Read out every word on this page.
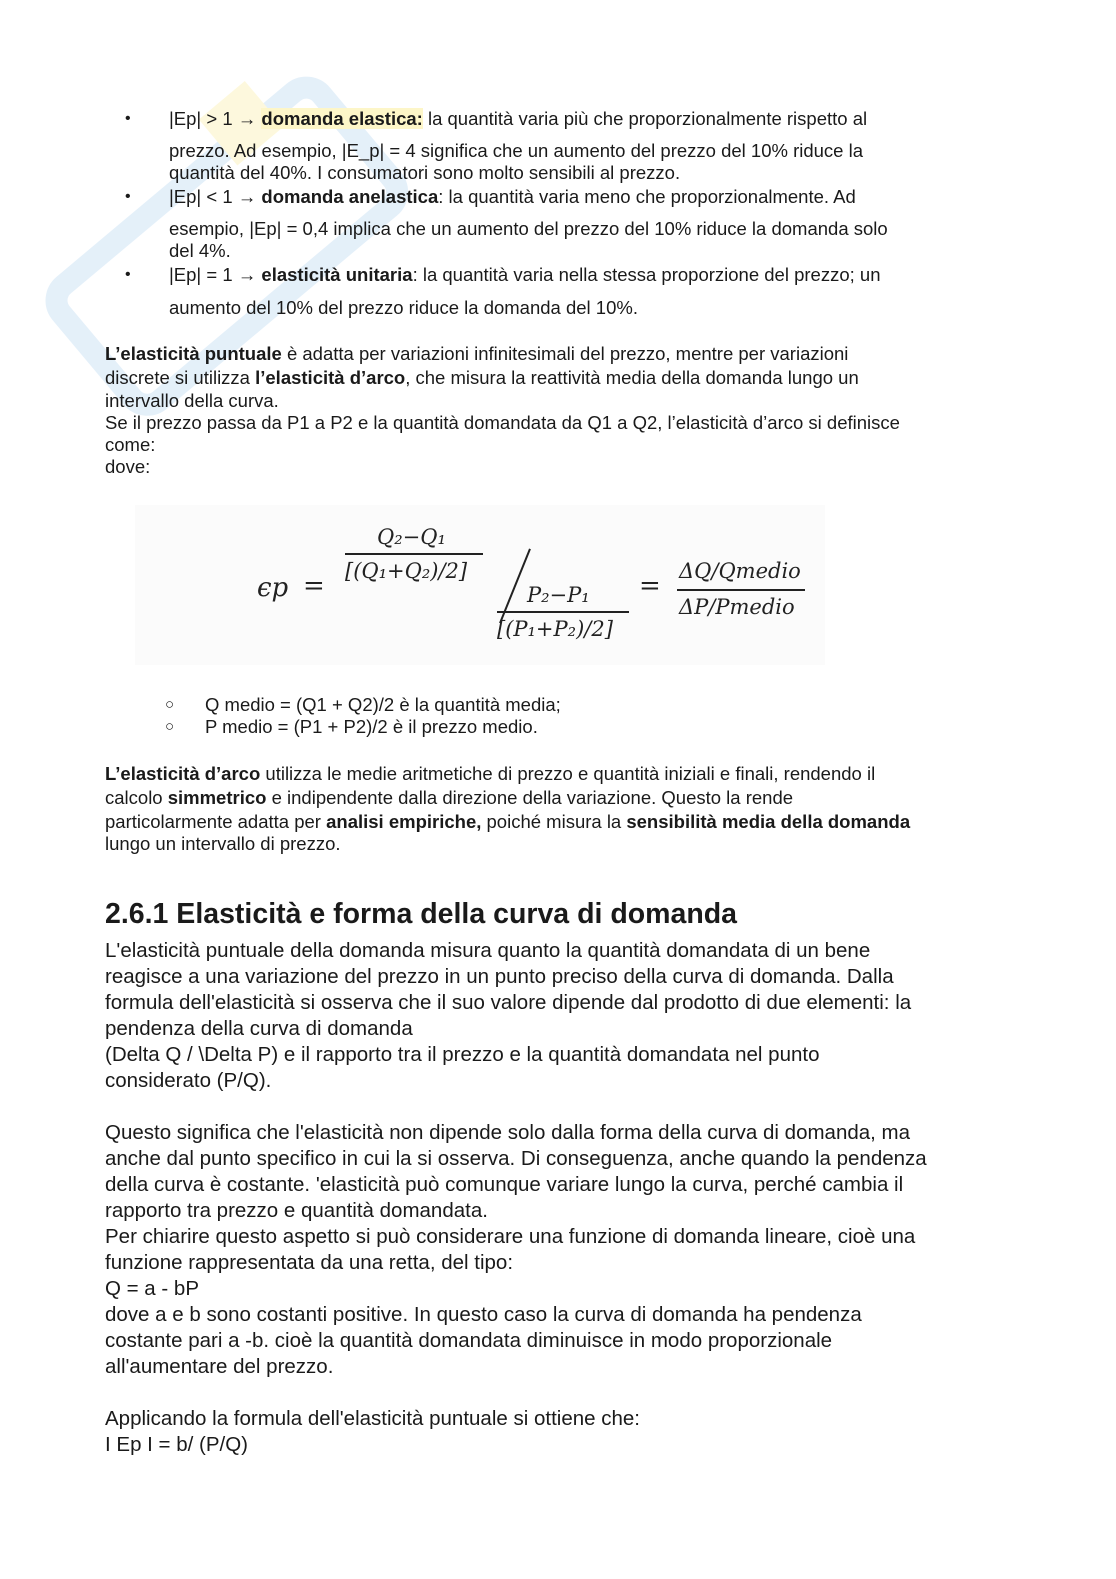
• |Ep| > 1 → domanda elastica: la quantità varia più che proporzionalmente rispetto al
prezzo. Ad esempio, |E_p| = 4 significa che un aumento del prezzo del 10% riduce la
quantità del 40%. I consumatori sono molto sensibili al prezzo.
• |Ep| < 1 → domanda anelastica: la quantità varia meno che proporzionalmente. Ad
esempio, |Ep| = 0,4 implica che un aumento del prezzo del 10% riduce la domanda solo
del 4%.
• |Ep| = 1 → elasticità unitaria: la quantità varia nella stessa proporzione del prezzo; un
aumento del 10% del prezzo riduce la domanda del 10%.
L’elasticità puntuale è adatta per variazioni infinitesimali del prezzo, mentre per variazioni
discrete si utilizza l’elasticità d’arco, che misura la reattività media della domanda lungo un
intervallo della curva.
Se il prezzo passa da P1 a P2 e la quantità domandata da Q1 a Q2, l’elasticità d’arco si definisce
come:
dove:
ϵp =
Q₂−Q₁
[(Q₁+Q₂)/2]
P₂−P₁
[(P₁+P₂)/2]
= ΔQ/Qmedio
ΔP/Pmedio
○ Q medio = (Q1 + Q2)/2 è la quantità media;
○ P medio = (P1 + P2)/2 è il prezzo medio.
L’elasticità d’arco utilizza le medie aritmetiche di prezzo e quantità iniziali e finali, rendendo il
calcolo simmetrico e indipendente dalla direzione della variazione. Questo la rende
particolarmente adatta per analisi empiriche, poiché misura la sensibilità media della domanda
lungo un intervallo di prezzo.
2.6.1 Elasticità e forma della curva di domanda
L'elasticità puntuale della domanda misura quanto la quantità domandata di un bene
reagisce a una variazione del prezzo in un punto preciso della curva di domanda. Dalla
formula dell'elasticità si osserva che il suo valore dipende dal prodotto di due elementi: la
pendenza della curva di domanda
(Delta Q / \Delta P) e il rapporto tra il prezzo e la quantità domandata nel punto
considerato (P/Q).
Questo significa che l'elasticità non dipende solo dalla forma della curva di domanda, ma
anche dal punto specifico in cui la si osserva. Di conseguenza, anche quando la pendenza
della curva è costante. 'elasticità può comunque variare lungo la curva, perché cambia il
rapporto tra prezzo e quantità domandata.
Per chiarire questo aspetto si può considerare una funzione di domanda lineare, cioè una
funzione rappresentata da una retta, del tipo:
Q = a - bP
dove a e b sono costanti positive. In questo caso la curva di domanda ha pendenza
costante pari a -b. cioè la quantità domandata diminuisce in modo proporzionale
all'aumentare del prezzo.
Applicando la formula dell'elasticità puntuale si ottiene che:
I Ep I = b/ (P/Q)
